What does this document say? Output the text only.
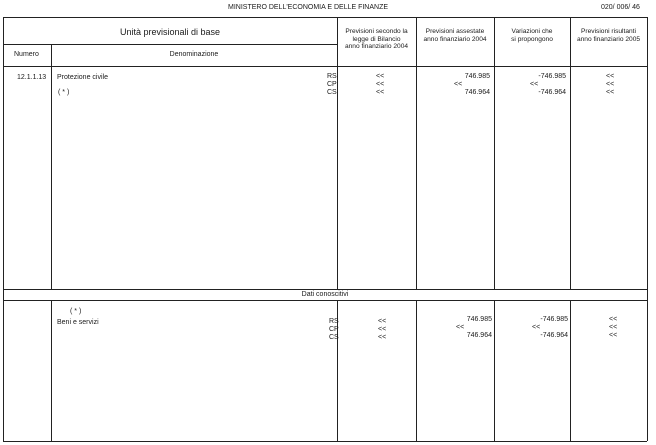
MINISTERO DELL'ECONOMIA E DELLE FINANZE	020/ 006/ 46
Unità previsionali di base
Numero	Denominazione
Previsioni secondo la
legge di Bilancio
anno finanziario 2004
Previsioni assestate
anno finanziario 2004
Variazioni che
si propongono
Previsioni risultanti
anno finanziario 2005
12.1.1.13 Protezione civile
( * )
RS	<<	746.985	-746.985	<<
CP	<<	<<	<<	<<
CS	<<	746.964	-746.964	<<
Dati conoscitivi
( * )
Beni e servizi	RS	<<	746.985	-746.985	<<
CP	<<	<<	<<	<<
CS	<<	746.964	-746.964	<<
